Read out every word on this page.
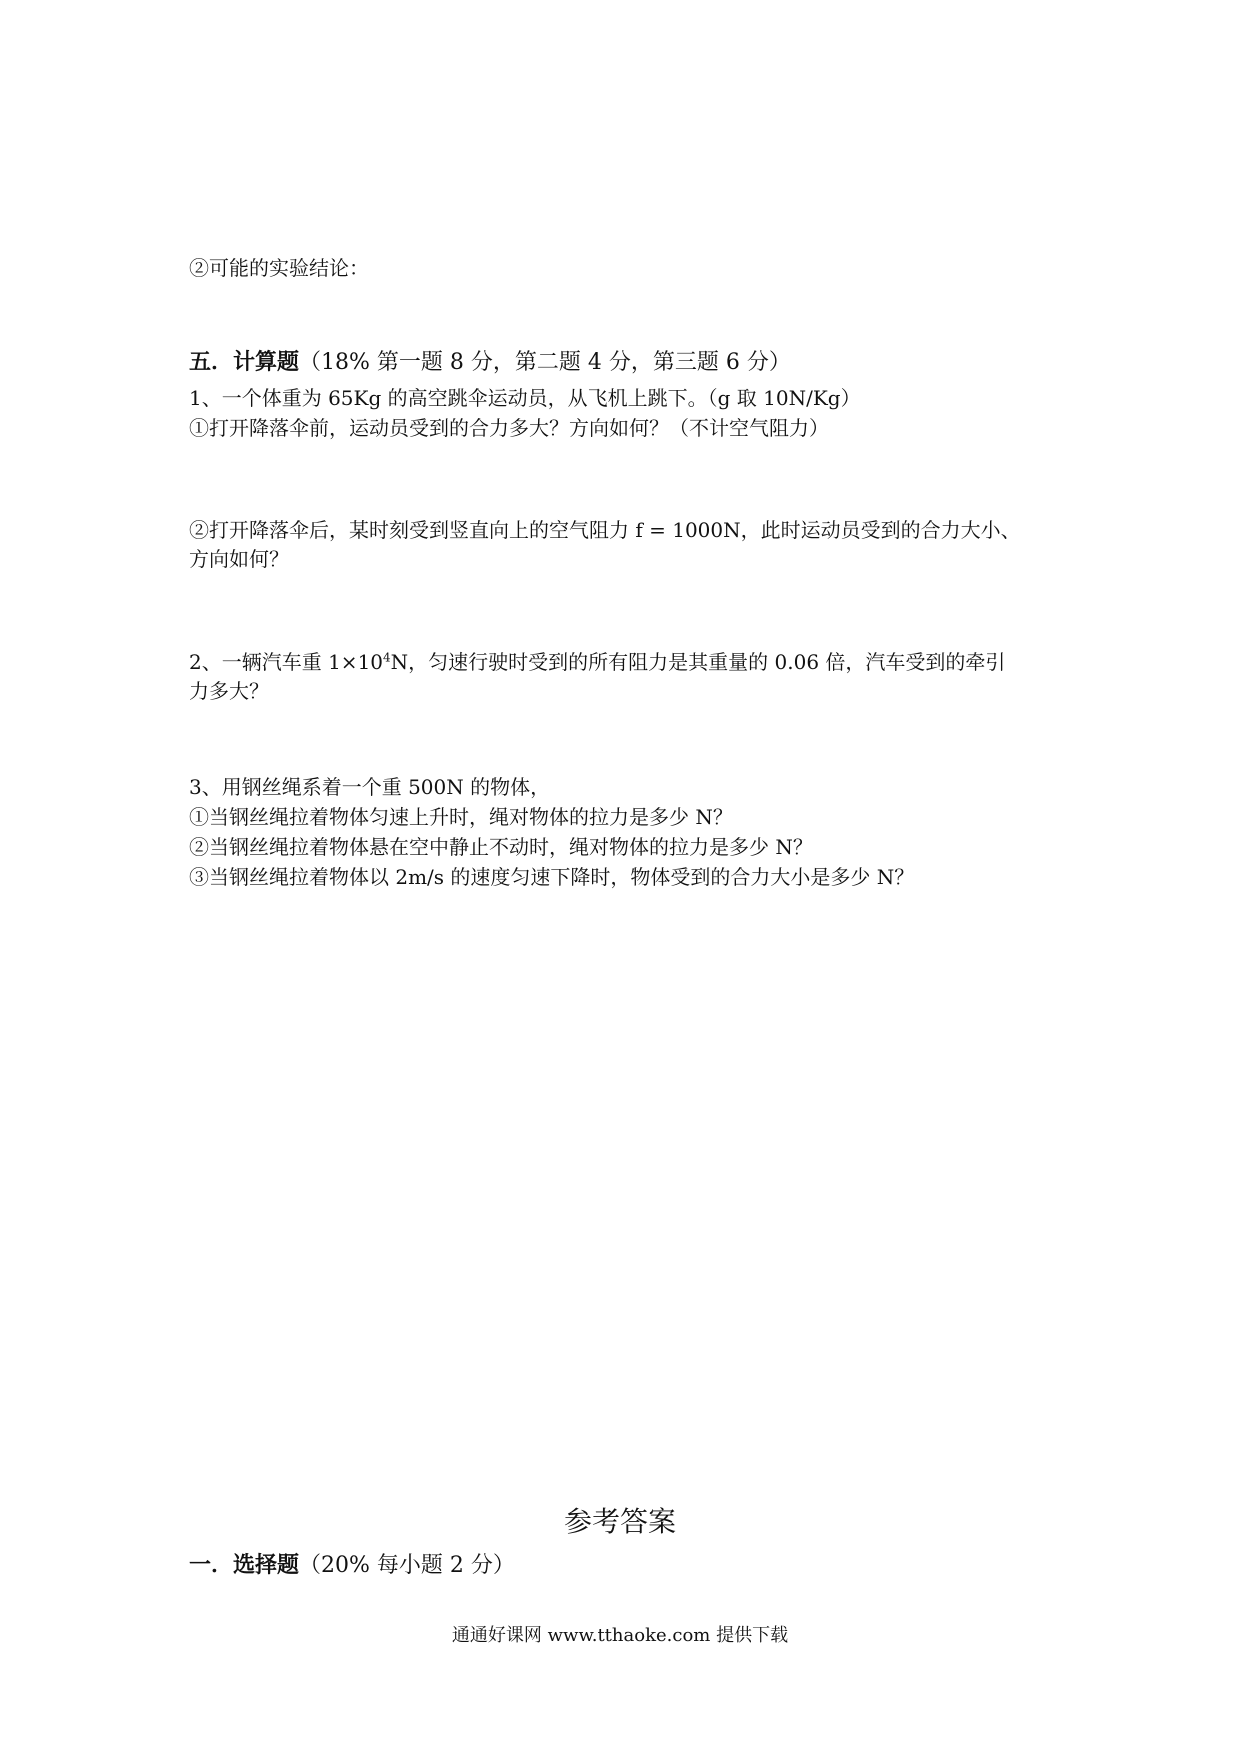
②可能的实验结论：
五．计算题（18% 第一题 8 分，第二题 4 分，第三题 6 分）
1、一个体重为 65Kg 的高空跳伞运动员，从飞机上跳下。（g 取 10N/Kg）
①打开降落伞前，运动员受到的合力多大？方向如何？（不计空气阻力）
②打开降落伞后，某时刻受到竖直向上的空气阻力 f = 1000N，此时运动员受到的合力大小、
方向如何？
2、一辆汽车重 $1\times 10^4N$，匀速行驶时受到的所有阻力是其重量的 0.06 倍，汽车受到的牵引
力多大？
3、用钢丝绳系着一个重 500N 的物体，
①当钢丝绳拉着物体匀速上升时，绳对物体的拉力是多少 N？
②当钢丝绳拉着物体悬在空中静止不动时，绳对物体的拉力是多少 N？
③当钢丝绳拉着物体以 2m/s 的速度匀速下降时，物体受到的合力大小是多少 N？
参考答案
一．选择题（20% 每小题 2 分）
通通好课网 www.tthaoke.com 提供下载
